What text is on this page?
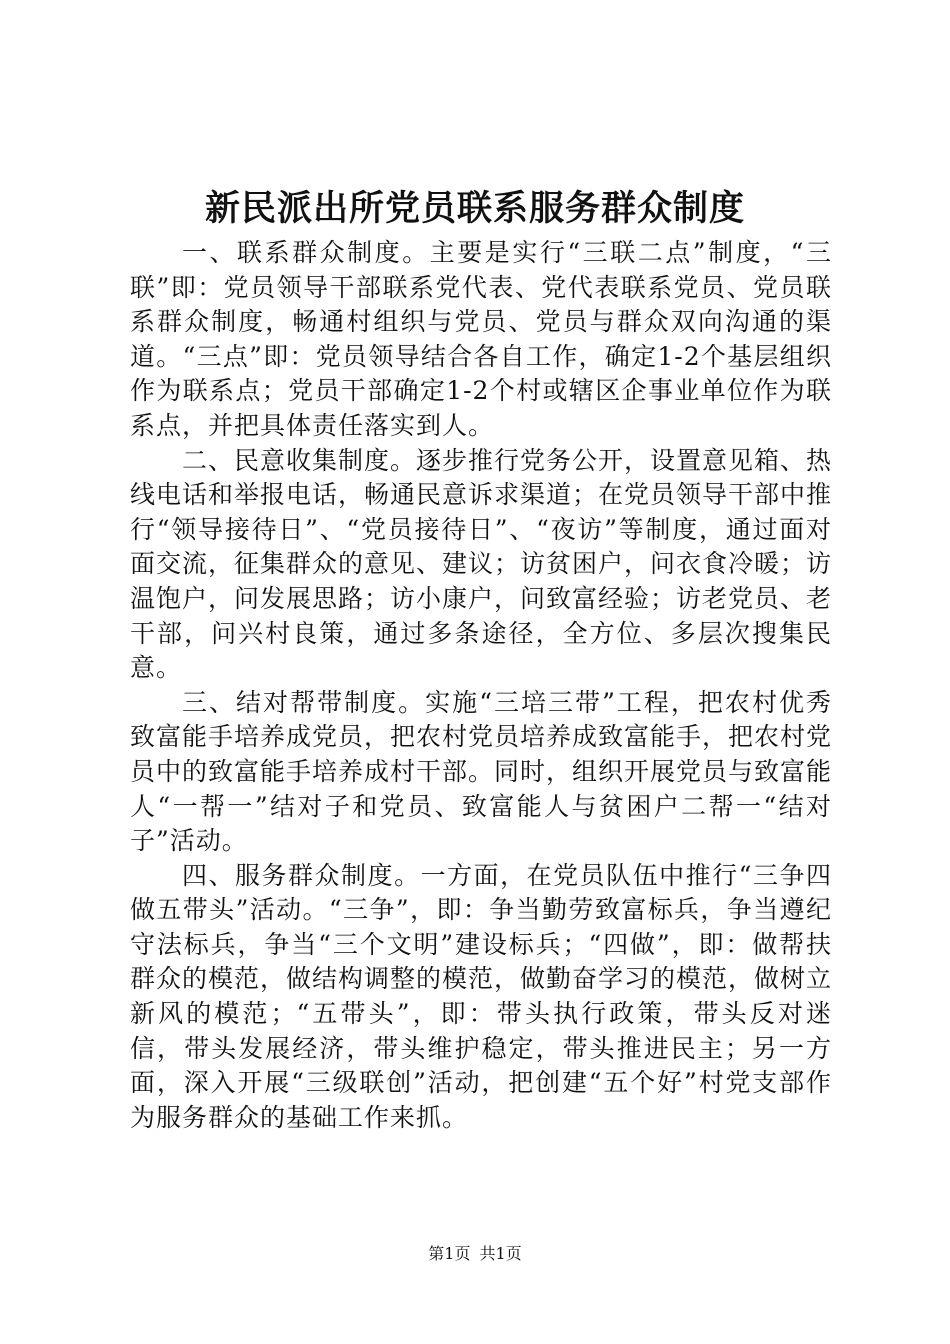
新民派出所党员联系服务群众制度

一、联系群众制度。主要是实行“三联二点”制度，“三联”即：党员领导干部联系党代表、党代表联系党员、党员联系群众制度，畅通村组织与党员、党员与群众双向沟通的渠道。“三点”即：党员领导结合各自工作，确定1-2个基层组织作为联系点；党员干部确定1-2个村或辖区企事业单位作为联系点，并把具体责任落实到人。

二、民意收集制度。逐步推行党务公开，设置意见箱、热线电话和举报电话，畅通民意诉求渠道；在党员领导干部中推行“领导接待日”、“党员接待日”、“夜访”等制度，通过面对面交流，征集群众的意见、建议；访贫困户，问衣食冷暖；访温饱户，问发展思路；访小康户，问致富经验；访老党员、老干部，问兴村良策，通过多条途径，全方位、多层次搜集民意。

三、结对帮带制度。实施“三培三带”工程，把农村优秀致富能手培养成党员，把农村党员培养成致富能手，把农村党员中的致富能手培养成村干部。同时，组织开展党员与致富能人“一帮一”结对子和党员、致富能人与贫困户二帮一“结对子”活动。

四、服务群众制度。一方面，在党员队伍中推行“三争四做五带头”活动。“三争”，即：争当勤劳致富标兵，争当遵纪守法标兵，争当“三个文明”建设标兵；“四做”，即：做帮扶群众的模范，做结构调整的模范，做勤奋学习的模范，做树立新风的模范；“五带头”，即：带头执行政策，带头反对迷信，带头发展经济，带头维护稳定，带头推进民主；另一方面，深入开展“三级联创”活动，把创建“五个好”村党支部作为服务群众的基础工作来抓。

第1页 共1页
